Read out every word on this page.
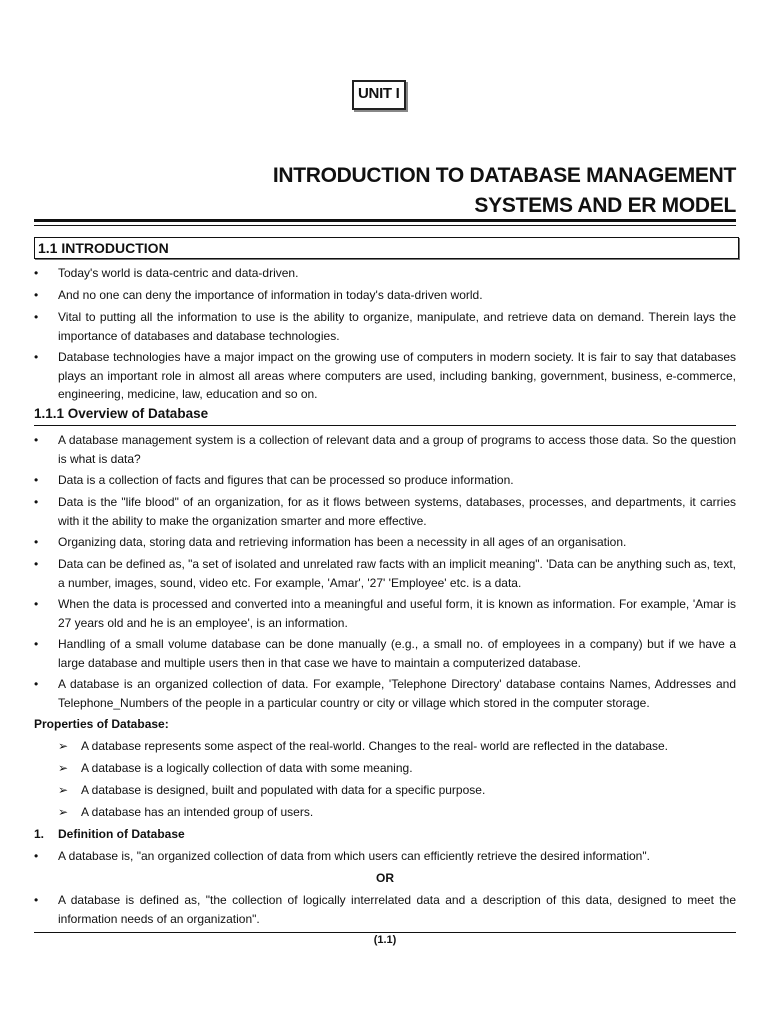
UNIT I
INTRODUCTION TO DATABASE MANAGEMENT
SYSTEMS AND ER MODEL
1.1 INTRODUCTION
• Today's world is data-centric and data-driven.
• And no one can deny the importance of information in today's data-driven world.
• Vital to putting all the information to use is the ability to organize, manipulate, and retrieve data on demand. Therein lays the importance of databases and database technologies.
• Database technologies have a major impact on the growing use of computers in modern society. It is fair to say that databases plays an important role in almost all areas where computers are used, including banking, government, business, e-commerce, engineering, medicine, law, education and so on.
1.1.1 Overview of Database
• A database management system is a collection of relevant data and a group of programs to access those data. So the question is what is data?
• Data is a collection of facts and figures that can be processed so produce information.
• Data is the "life blood" of an organization, for as it flows between systems, databases, processes, and departments, it carries with it the ability to make the organization smarter and more effective.
• Organizing data, storing data and retrieving information has been a necessity in all ages of an organisation.
• Data can be defined as, "a set of isolated and unrelated raw facts with an implicit meaning". 'Data can be anything such as, text, a number, images, sound, video etc. For example, 'Amar', '27' 'Employee' etc. is a data.
• When the data is processed and converted into a meaningful and useful form, it is known as information. For example, 'Amar is 27 years old and he is an employee', is an information.
• Handling of a small volume database can be done manually (e.g., a small no. of employees in a company) but if we have a large database and multiple users then in that case we have to maintain a computerized database.
• A database is an organized collection of data. For example, 'Telephone Directory' database contains Names, Addresses and Telephone_Numbers of the people in a particular country or city or village which stored in the computer storage.
Properties of Database:
➢ A database represents some aspect of the real-world. Changes to the real- world are reflected in the database.
➢ A database is a logically collection of data with some meaning.
➢ A database is designed, built and populated with data for a specific purpose.
➢ A database has an intended group of users.
1. Definition of Database
• A database is, "an organized collection of data from which users can efficiently retrieve the desired information".
OR
• A database is defined as, "the collection of logically interrelated data and a description of this data, designed to meet the information needs of an organization".
(1.1)
